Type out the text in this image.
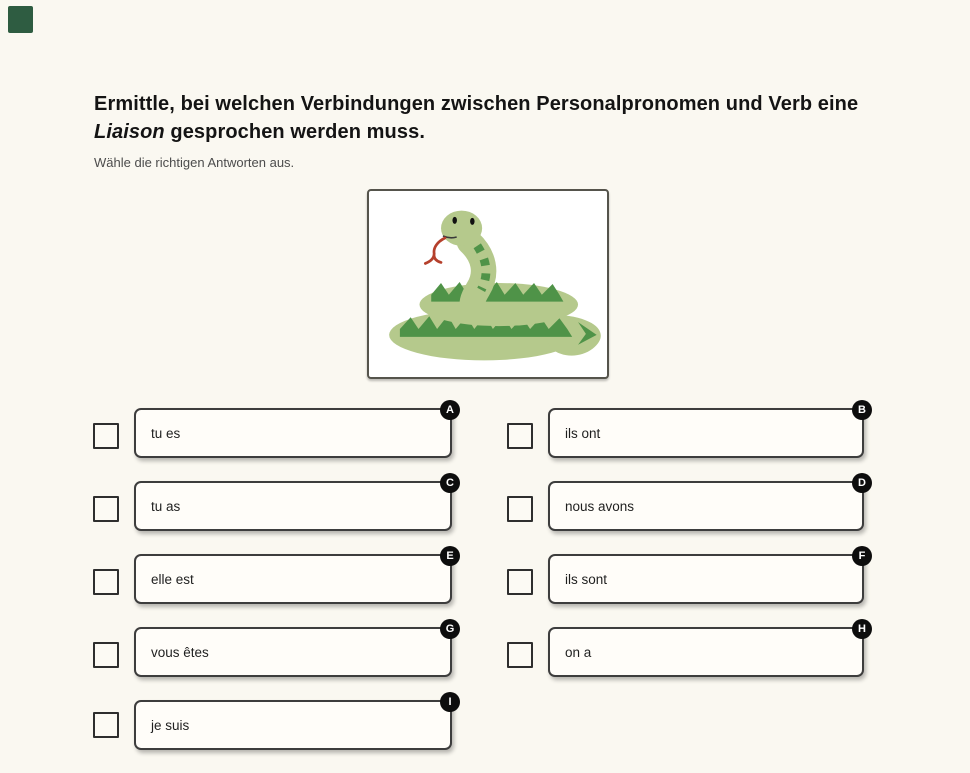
Ermittle, bei welchen Verbindungen zwischen Personalpronomen und Verb eine Liaison gesprochen werden muss.

Wähle die richtigen Antworten aus.

tu es
A
tu as
C
elle est
E
vous êtes
G
je suis
I
ils ont
B
nous avons
D
ils sont
F
on a
H
